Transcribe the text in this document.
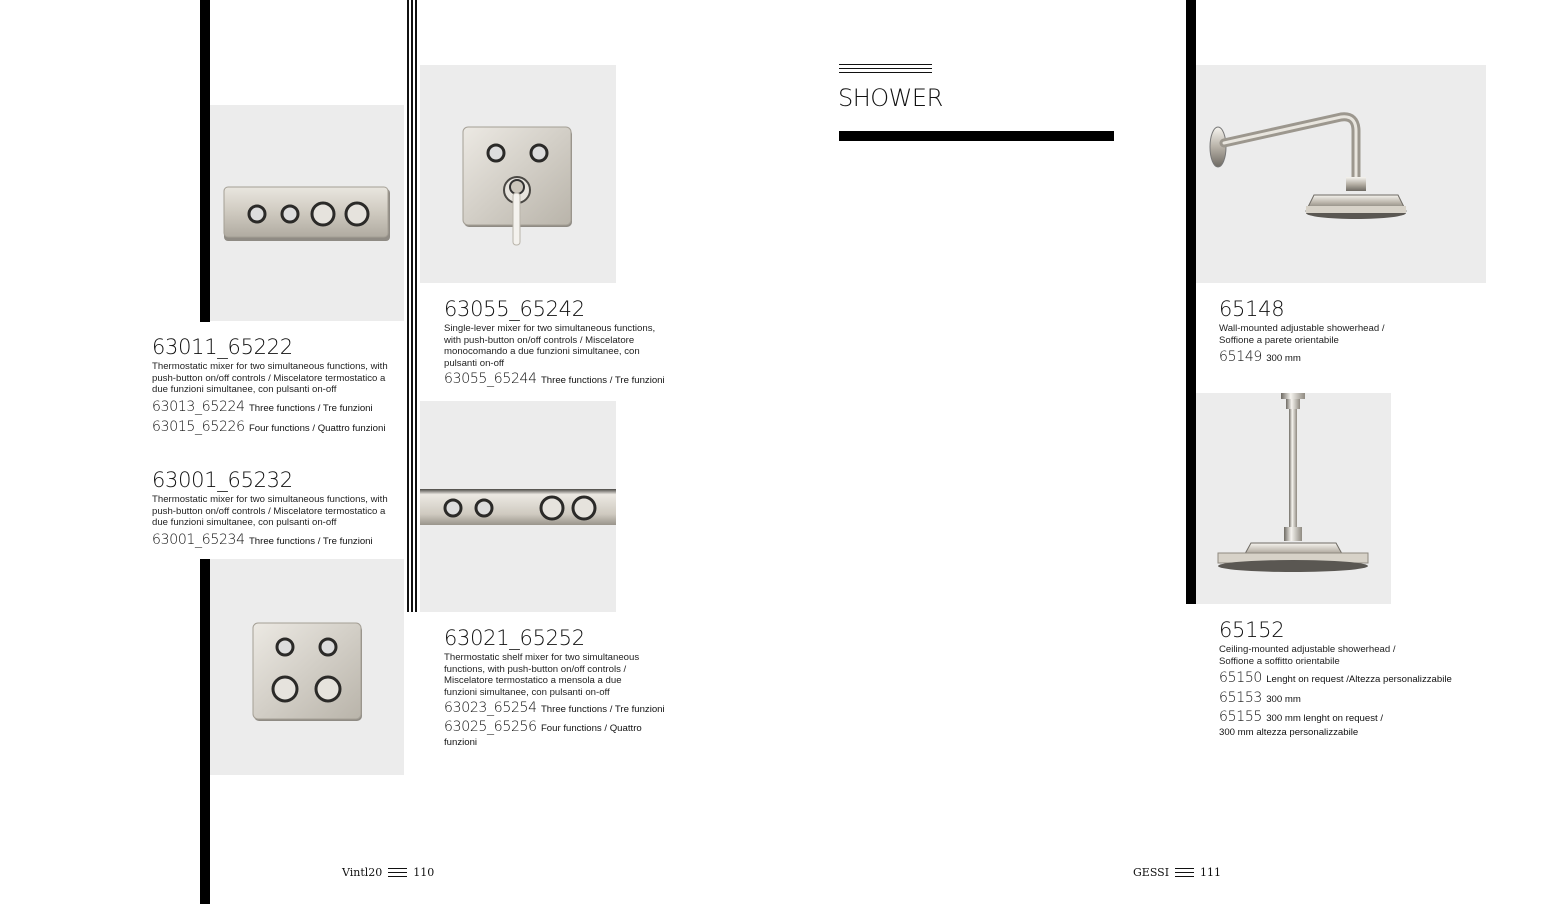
63011_65222
Thermostatic mixer for two simultaneous functions, with push-button on/off controls / Miscelatore termostatico a due funzioni simultanee, con pulsanti on-off
63013_65224 Three functions / Tre funzioni
63015_65226 Four functions / Quattro funzioni
63001_65232
Thermostatic mixer for two simultaneous functions, with push-button on/off controls / Miscelatore termostatico a due funzioni simultanee, con pulsanti on-off
63001_65234 Three functions / Tre funzioni
63055_65242
Single-lever mixer for two simultaneous functions, with push-button on/off controls / Miscelatore monocomando a due funzioni simultanee, con pulsanti on-off
63055_65244 Three functions / Tre funzioni
63021_65252
Thermostatic shelf mixer for two simultaneous functions, with push-button on/off controls / Miscelatore termostatico a mensola a due funzioni simultanee, con pulsanti on-off
63023_65254 Three functions / Tre funzioni
63025_65256 Four functions / Quattro funzioni
Vintl20	110
SHOWER
65148
Wall-mounted adjustable showerhead / Soffione a parete orientabile
65149 300 mm
65152
Ceiling-mounted adjustable showerhead / Soffione a soffitto orientabile
65150 Lenght on request /Altezza personalizzabile
65153 300 mm
65155 300 mm lenght on request / 300 mm altezza personalizzabile
GESSI	111
